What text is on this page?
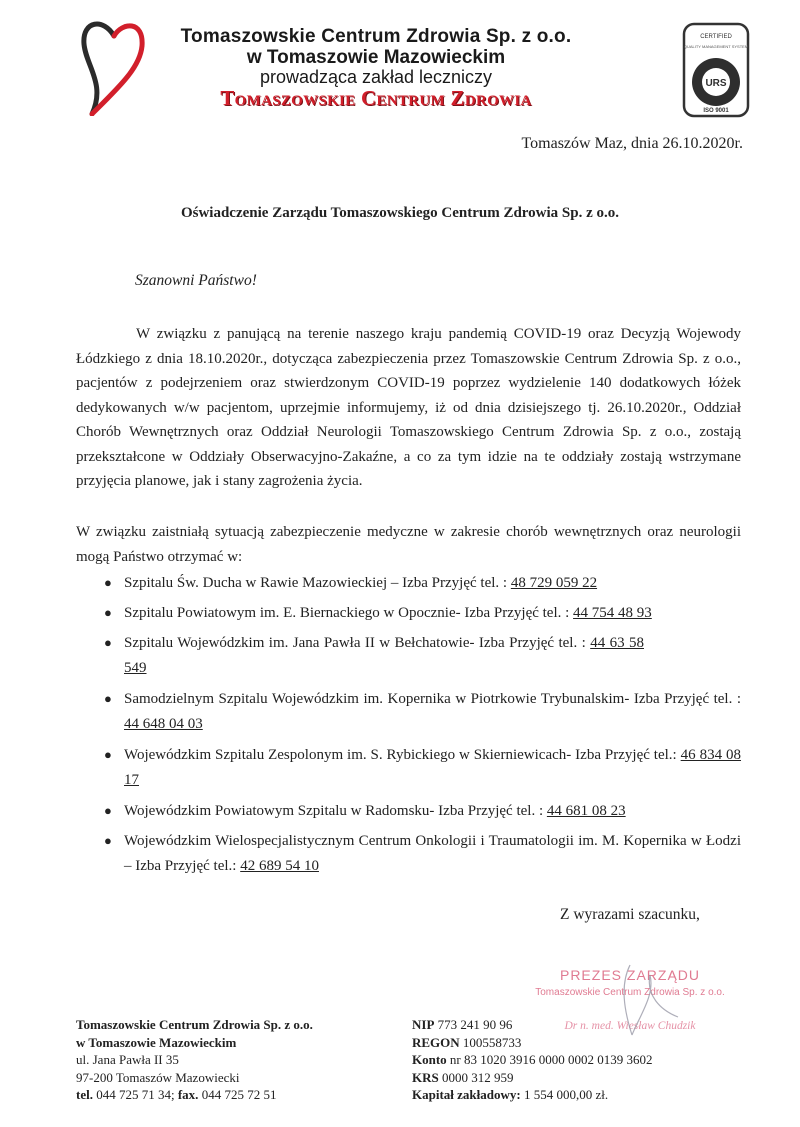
Tomaszowskie Centrum Zdrowia Sp. z o.o.
w Tomaszowie Mazowieckim
prowadząca zakład leczniczy
Tomaszowskie Centrum Zdrowia
CERTIFIED
QUALITY MANAGEMENT SYSTEM
URS
ISO 9001
Tomaszów Maz, dnia 26.10.2020r.
Oświadczenie Zarządu Tomaszowskiego Centrum Zdrowia Sp. z o.o.
Szanowni Państwo!

W związku z panującą na terenie naszego kraju pandemią COVID-19 oraz Decyzją Wojewody Łódzkiego z dnia 18.10.2020r., dotycząca zabezpieczenia przez Tomaszowskie Centrum Zdrowia Sp. z o.o., pacjentów z podejrzeniem oraz stwierdzonym COVID-19 poprzez wydzielenie 140 dodatkowych łóżek dedykowanych w/w pacjentom, uprzejmie informujemy, iż od dnia dzisiejszego tj. 26.10.2020r., Oddział Chorób Wewnętrznych oraz Oddział Neurologii Tomaszowskiego Centrum Zdrowia Sp. z o.o., zostają przekształcone w Oddziały Obserwacyjno-Zakaźne, a co za tym idzie na te oddziały zostają wstrzymane przyjęcia planowe, jak i stany zagrożenia życia.

W związku zaistniałą sytuacją zabezpieczenie medyczne w zakresie chorób wewnętrznych oraz neurologii mogą Państwo otrzymać w:
● Szpitalu Św. Ducha w Rawie Mazowieckiej – Izba Przyjęć tel. : 48 729 059 22
● Szpitalu Powiatowym im. E. Biernackiego w Opocznie- Izba Przyjęć tel. : 44 754 48 93
● Szpitalu Wojewódzkim im. Jana Pawła II w Bełchatowie- Izba Przyjęć tel. : 44 63 58 549
● Samodzielnym Szpitalu Wojewódzkim im. Kopernika w Piotrkowie Trybunalskim- Izba Przyjęć tel. : 44 648 04 03
● Wojewódzkim Szpitalu Zespolonym im. S. Rybickiego w Skierniewicach- Izba Przyjęć tel.: 46 834 08 17
● Wojewódzkim Powiatowym Szpitalu w Radomsku- Izba Przyjęć tel. : 44 681 08 23
● Wojewódzkim Wielospecjalistycznym Centrum Onkologii i Traumatologii im. M. Kopernika w Łodzi – Izba Przyjęć tel.: 42 689 54 10
Z wyrazami szacunku,
PREZES ZARZĄDU
Tomaszowskie Centrum Zdrowia Sp. z o.o.
Dr n. med. Wiesław Chudzik
Tomaszowskie Centrum Zdrowia Sp. z o.o.
w Tomaszowie Mazowieckim
ul. Jana Pawła II 35
97-200 Tomaszów Mazowiecki
tel. 044 725 71 34; fax. 044 725 72 51
NIP 773 241 90 96
REGON 100558733
Konto nr 83 1020 3916 0000 0002 0139 3602
KRS 0000 312 959
Kapitał zakładowy: 1 554 000,00 zł.
